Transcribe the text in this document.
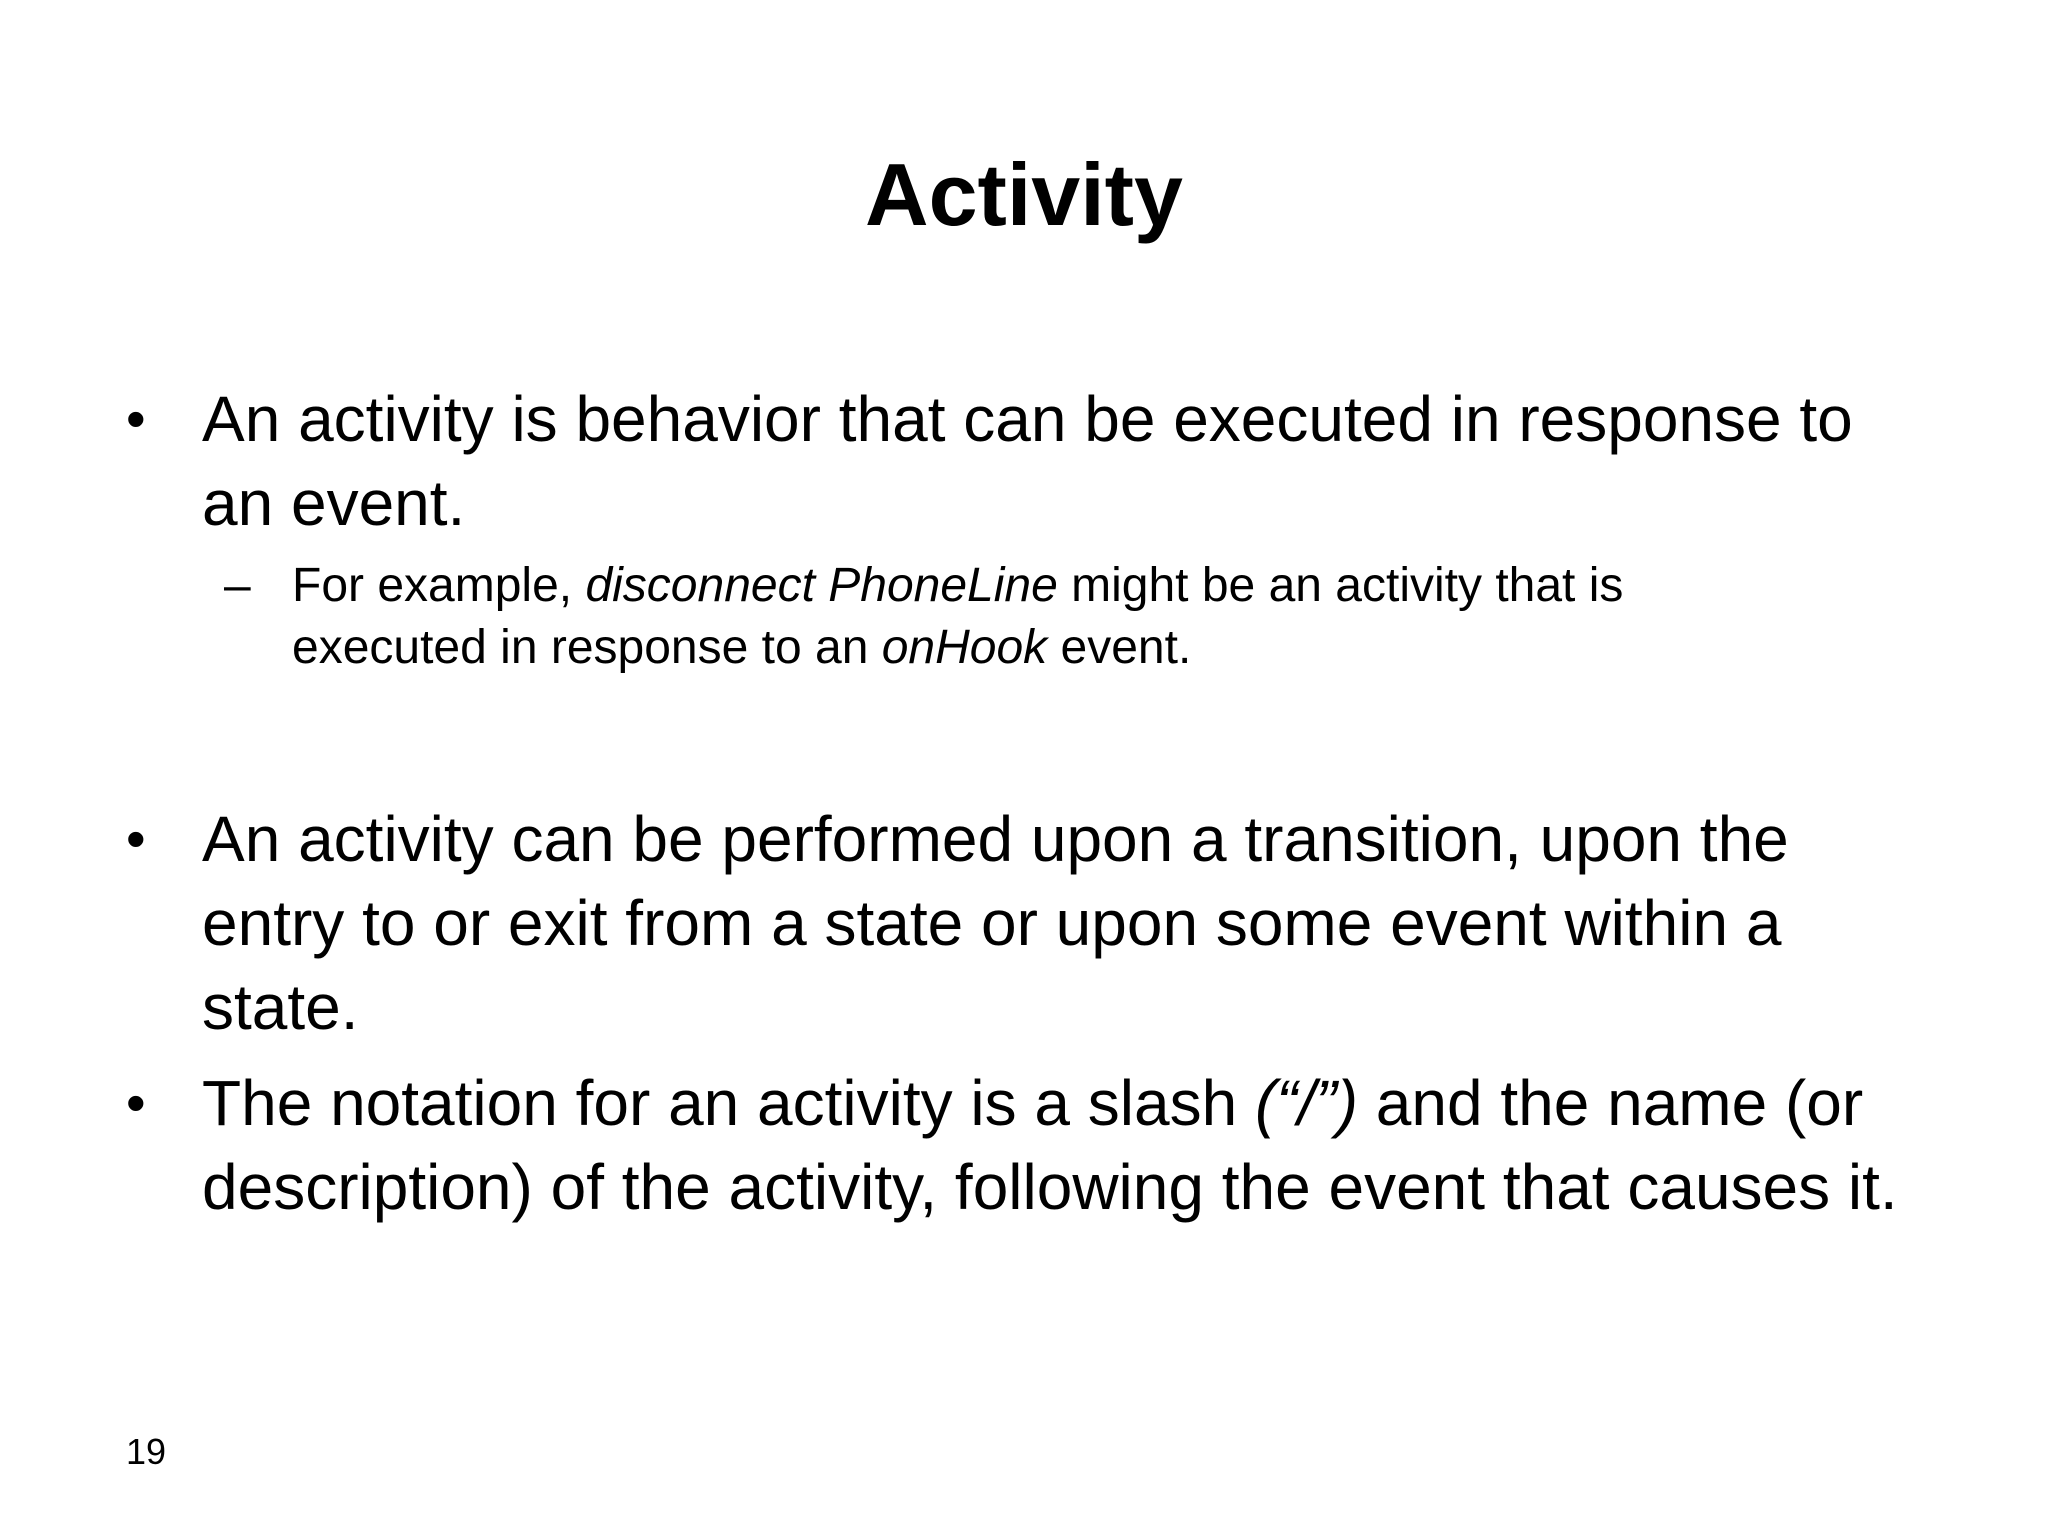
Activity
• An activity is behavior that can be executed in response to an event.

– For example, disconnect PhoneLine might be an activity that is executed in response to an onHook event.

• An activity can be performed upon a transition, upon the entry to or exit from a state or upon some event within a state.

• The notation for an activity is a slash (“/”) and the name (or description) of the activity, following the event that causes it.

19
